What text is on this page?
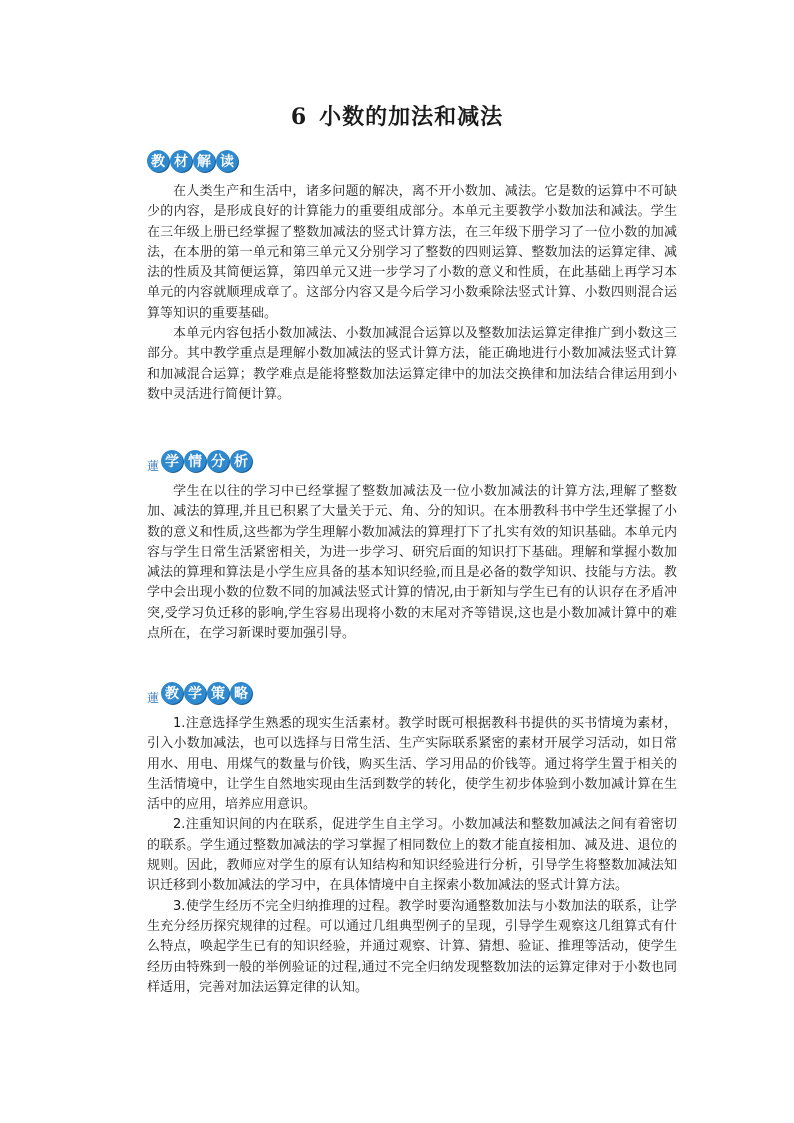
6 小数的加法和减法
教 材 解 读

在人类生产和生活中，诸多问题的解决，离不开小数加、减法。它是数的运算中不可缺少的内容，是形成良好的计算能力的重要组成部分。本单元主要教学小数加法和减法。学生在三年级上册已经掌握了整数加减法的竖式计算方法，在三年级下册学习了一位小数的加减法，在本册的第一单元和第三单元又分别学习了整数的四则运算、整数加法的运算定律、减法的性质及其简便运算，第四单元又进一步学习了小数的意义和性质，在此基础上再学习本单元的内容就顺理成章了。这部分内容又是今后学习小数乘除法竖式计算、小数四则混合运算等知识的重要基础。

本单元内容包括小数加减法、小数加减混合运算以及整数加法运算定律推广到小数这三部分。其中教学重点是理解小数加减法的竖式计算方法，能正确地进行小数加减法竖式计算和加减混合运算；教学难点是能将整数加法运算定律中的加法交换律和加法结合律运用到小数中灵活进行简便计算。

蓮 学 情 分 析

学生在以往的学习中已经掌握了整数加减法及一位小数加减法的计算方法,理解了整数加、减法的算理,并且已积累了大量关于元、角、分的知识。在本册教科书中学生还掌握了小数的意义和性质,这些都为学生理解小数加减法的算理打下了扎实有效的知识基础。本单元内容与学生日常生活紧密相关，为进一步学习、研究后面的知识打下基础。理解和掌握小数加减法的算理和算法是小学生应具备的基本知识经验,而且是必备的数学知识、技能与方法。教学中会出现小数的位数不同的加减法竖式计算的情况,由于新知与学生已有的认识存在矛盾冲突,受学习负迁移的影响,学生容易出现将小数的末尾对齐等错误,这也是小数加减计算中的难点所在，在学习新课时要加强引导。

蓮 教 学 策 略

1.注意选择学生熟悉的现实生活素材。教学时既可根据教科书提供的买书情境为素材，引入小数加减法，也可以选择与日常生活、生产实际联系紧密的素材开展学习活动，如日常用水、用电、用煤气的数量与价钱，购买生活、学习用品的价钱等。通过将学生置于相关的生活情境中，让学生自然地实现由生活到数学的转化，使学生初步体验到小数加减计算在生活中的应用，培养应用意识。

2.注重知识间的内在联系，促进学生自主学习。小数加减法和整数加减法之间有着密切的联系。学生通过整数加减法的学习掌握了相同数位上的数才能直接相加、减及进、退位的规则。因此，教师应对学生的原有认知结构和知识经验进行分析，引导学生将整数加减法知识迁移到小数加减法的学习中，在具体情境中自主探索小数加减法的竖式计算方法。

3.使学生经历不完全归纳推理的过程。教学时要沟通整数加法与小数加法的联系，让学生充分经历探究规律的过程。可以通过几组典型例子的呈现，引导学生观察这几组算式有什么特点，唤起学生已有的知识经验，并通过观察、计算、猜想、验证、推理等活动，使学生经历由特殊到一般的举例验证的过程,通过不完全归纳发现整数加法的运算定律对于小数也同样适用，完善对加法运算定律的认知。
